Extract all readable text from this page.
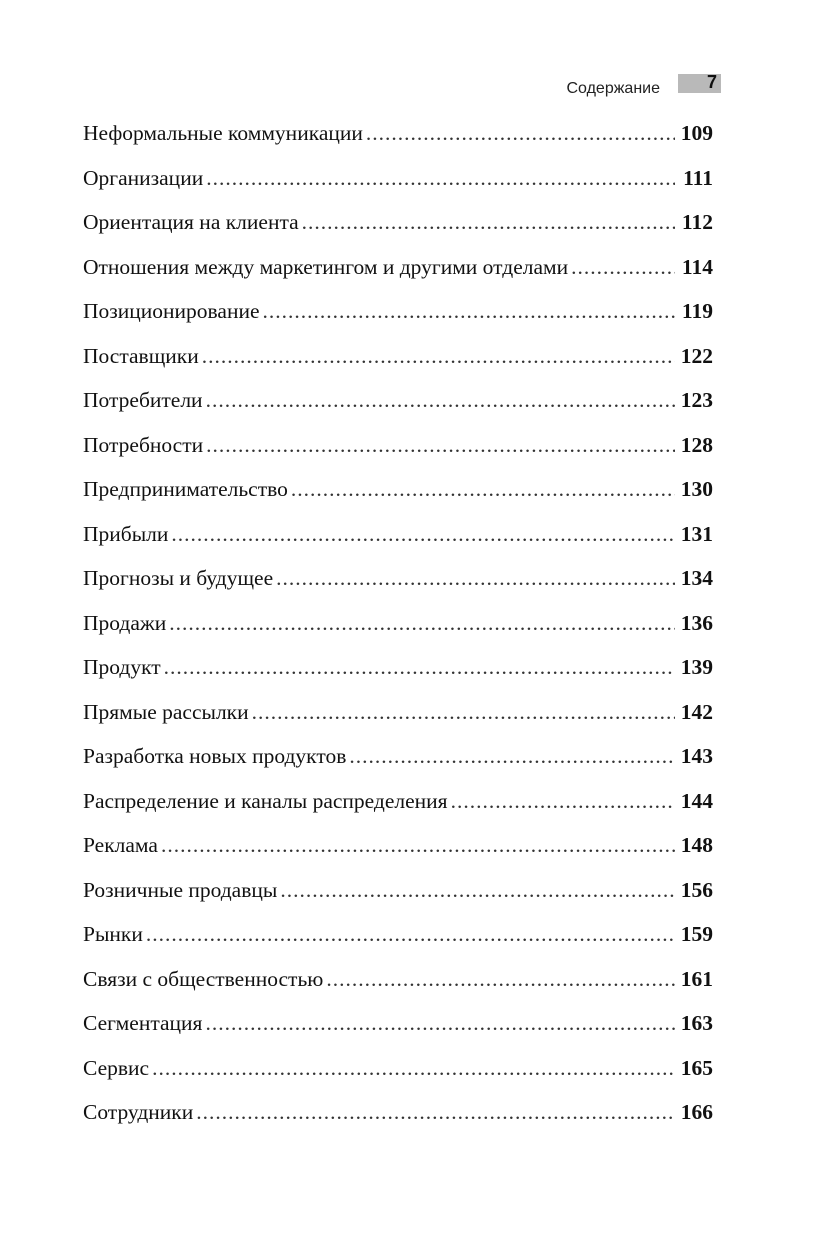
Содержание	7
Неформальные коммуникации .....	109
Организации .....	111
Ориентация на клиента .....	112
Отношения между маркетингом и другими отделами .....	114
Позиционирование .....	119
Поставщики .....	122
Потребители .....	123
Потребности .....	128
Предпринимательство .....	130
Прибыли .....	131
Прогнозы и будущее .....	134
Продажи .....	136
Продукт .....	139
Прямые рассылки .....	142
Разработка новых продуктов .....	143
Распределение и каналы распределения .....	144
Реклама .....	148
Розничные продавцы .....	156
Рынки .....	159
Связи с общественностью .....	161
Сегментация .....	163
Сервис .....	165
Сотрудники .....	166
